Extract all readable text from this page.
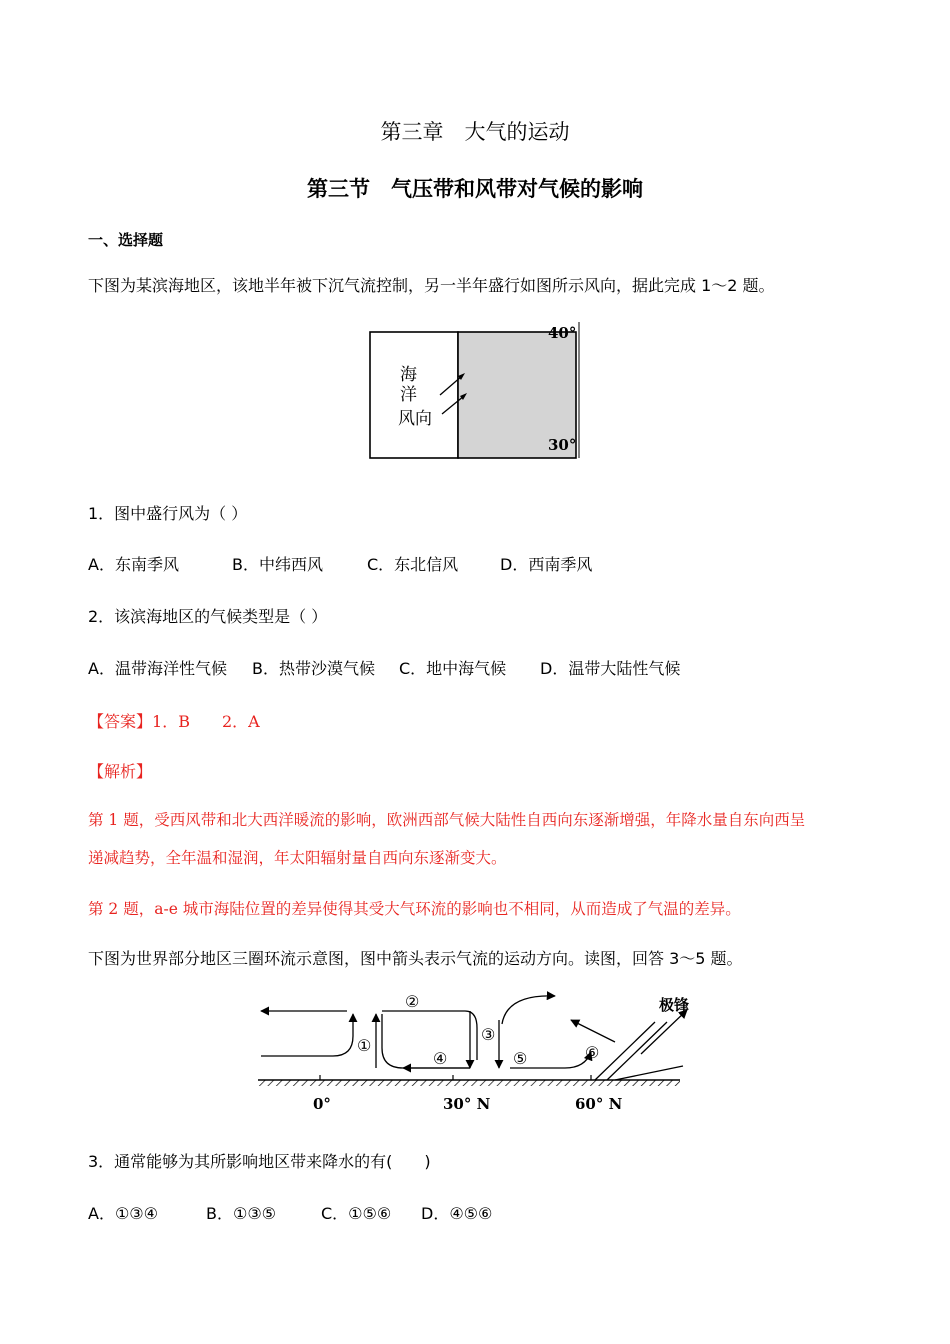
第三章　大气的运动
第三节　气压带和风带对气候的影响
一、选择题
下图为某滨海地区，该地半年被下沉气流控制，另一半年盛行如图所示风向，据此完成 1～2 题。
海
洋
风向
40°
30°
1．图中盛行风为（ ）
A．东南季风	B．中纬西风	C．东北信风	D．西南季风
2．该滨海地区的气候类型是（ ）
A．温带海洋性气候 B．热带沙漠气候 C．地中海气候 D．温带大陆性气候
【答案】1．B　　2．A
【解析】
第 1 题，受西风带和北大西洋暖流的影响，欧洲西部气候大陆性自西向东逐渐增强，年降水量自东向西呈
递减趋势，全年温和湿润，年太阳辐射量自西向东逐渐变大。
第 2 题，a-e 城市海陆位置的差异使得其受大气环流的影响也不相同，从而造成了气温的差异。
下图为世界部分地区三圈环流示意图，图中箭头表示气流的运动方向。读图，回答 3～5 题。
极锋
①
②
③
④	⑤	⑥
0°	30° N	60° N
3．通常能够为其所影响地区带来降水的有(　　)
A．①③④	B．①③⑤	C．①⑤⑥ D．④⑤⑥
